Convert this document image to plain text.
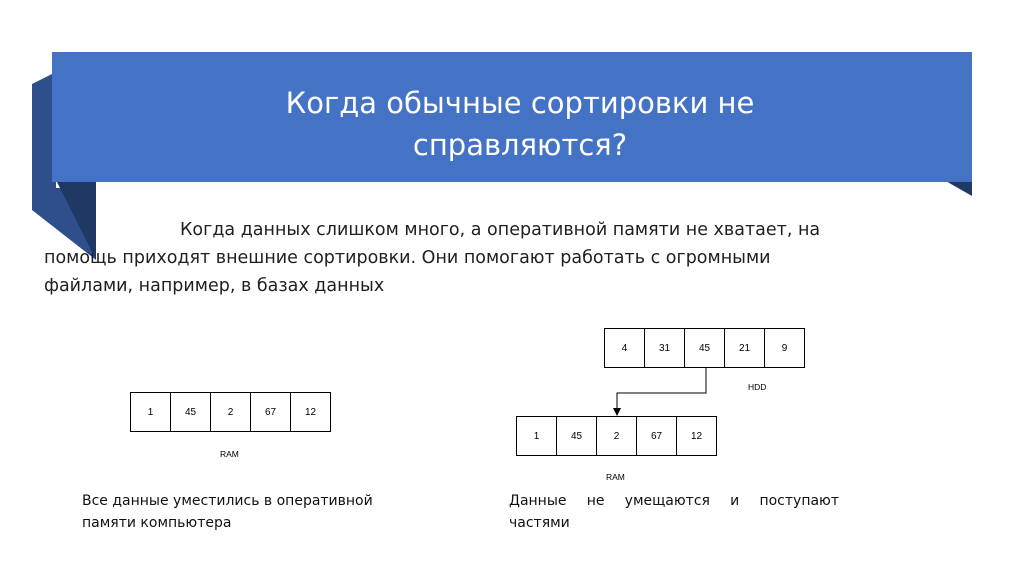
Когда обычные сортировки не
справляются?
Когда данных слишком много, а оперативной памяти не хватает, на
помощь приходят внешние сортировки. Они помогают работать с огромными
файлами, например, в базах данных
1	45	2	67	12
RAM
4	31	45	21	9
HDD
1	45	2	67	12
RAM
Все данные уместились в оперативной
памяти компьютера
Данные не умещаются и поступают
частями
